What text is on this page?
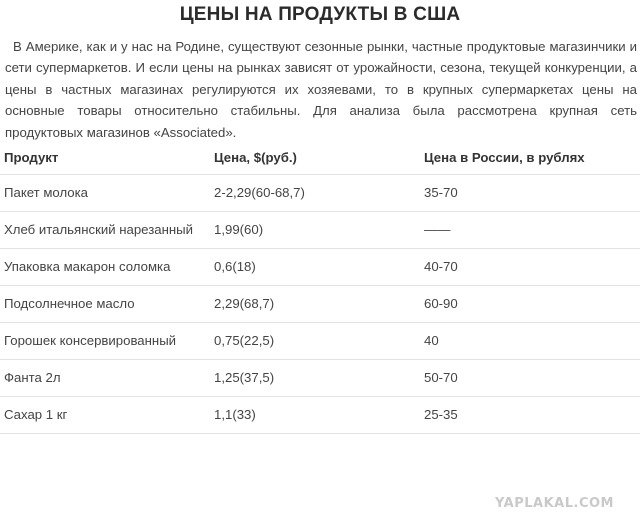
ЦЕНЫ НА ПРОДУКТЫ В США

В Америке, как и у нас на Родине, существуют сезонные рынки, частные продуктовые магазинчики и сети супермаркетов. И если цены на рынках зависят от урожайности, сезона, текущей конкуренции, а цены в частных магазинах регулируются их хозяевами, то в крупных супермаркетах цены на основные товары относительно стабильны. Для анализа была рассмотрена крупная сеть продуктовых магазинов «Associated».

Продукт	Цена, $(руб.)	Цена в России, в рублях
Пакет молока	2-2,29(60-68,7)	35-70
Хлеб итальянский нарезанный	1,99(60)	——
Упаковка макарон соломка	0,6(18)	40-70
Подсолнечное масло	2,29(68,7)	60-90
Горошек консервированный	0,75(22,5)	40
Фанта 2л	1,25(37,5)	50-70
Сахар 1 кг	1,1(33)	25-35
YAPLAKAL.COM
